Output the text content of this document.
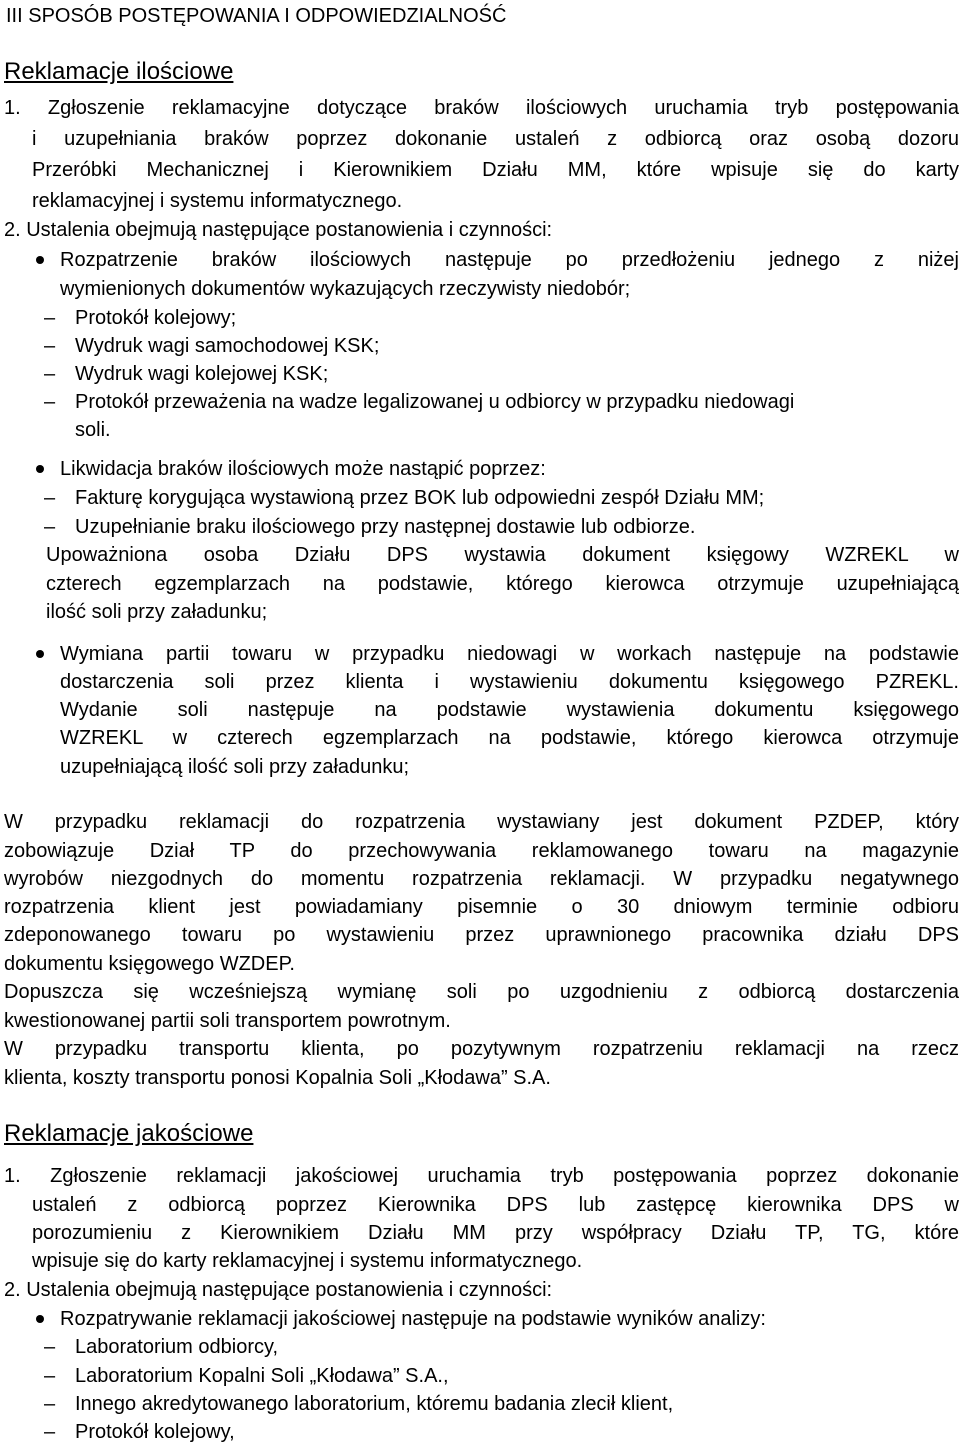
III SPOSÓB POSTĘPOWANIA I ODPOWIEDZIALNOŚĆ
Reklamacje ilościowe
1. Zgłoszenie reklamacyjne dotyczące braków ilościowych uruchamia tryb postępowania
i uzupełniania braków poprzez dokonanie ustaleń z odbiorcą oraz osobą dozoru
Przeróbki Mechanicznej i Kierownikiem Działu MM, które wpisuje się do karty
reklamacyjnej i systemu informatycznego.
2. Ustalenia obejmują następujące postanowienia i czynności:
Rozpatrzenie braków ilościowych następuje po przedłożeniu jednego z niżej
wymienionych dokumentów wykazujących rzeczywisty niedobór;
– Protokół kolejowy;
– Wydruk wagi samochodowej KSK;
– Wydruk wagi kolejowej KSK;
– Protokół przeważenia na wadze legalizowanej u odbiorcy w przypadku niedowagi
soli.
Likwidacja braków ilościowych może nastąpić poprzez:
– Fakturę korygująca wystawioną przez BOK lub odpowiedni zespół Działu MM;
– Uzupełnianie braku ilościowego przy następnej dostawie lub odbiorze.
Upoważniona osoba Działu DPS wystawia dokument księgowy WZREKL w
czterech egzemplarzach na podstawie, którego kierowca otrzymuje uzupełniającą
ilość soli przy załadunku;
Wymiana partii towaru w przypadku niedowagi w workach następuje na podstawie
dostarczenia soli przez klienta i wystawieniu dokumentu księgowego PZREKL.
Wydanie soli następuje na podstawie wystawienia dokumentu księgowego
WZREKL w czterech egzemplarzach na podstawie, którego kierowca otrzymuje
uzupełniającą ilość soli przy załadunku;
W przypadku reklamacji do rozpatrzenia wystawiany jest dokument PZDEP, który
zobowiązuje Dział TP do przechowywania reklamowanego towaru na magazynie
wyrobów niezgodnych do momentu rozpatrzenia reklamacji. W przypadku negatywnego
rozpatrzenia klient jest powiadamiany pisemnie o 30 dniowym terminie odbioru
zdeponowanego towaru po wystawieniu przez uprawnionego pracownika działu DPS
dokumentu księgowego WZDEP.
Dopuszcza się wcześniejszą wymianę soli po uzgodnieniu z odbiorcą dostarczenia
kwestionowanej partii soli transportem powrotnym.
W przypadku transportu klienta, po pozytywnym rozpatrzeniu reklamacji na rzecz
klienta, koszty transportu ponosi Kopalnia Soli „Kłodawa” S.A.
Reklamacje jakościowe
1. Zgłoszenie reklamacji jakościowej uruchamia tryb postępowania poprzez dokonanie
ustaleń z odbiorcą poprzez Kierownika DPS lub zastępcę kierownika DPS w
porozumieniu z Kierownikiem Działu MM przy współpracy Działu TP, TG, które
wpisuje się do karty reklamacyjnej i systemu informatycznego.
2. Ustalenia obejmują następujące postanowienia i czynności:
Rozpatrywanie reklamacji jakościowej następuje na podstawie wyników analizy:
– Laboratorium odbiorcy,
– Laboratorium Kopalni Soli „Kłodawa” S.A.,
– Innego akredytowanego laboratorium, któremu badania zlecił klient,
– Protokół kolejowy,
